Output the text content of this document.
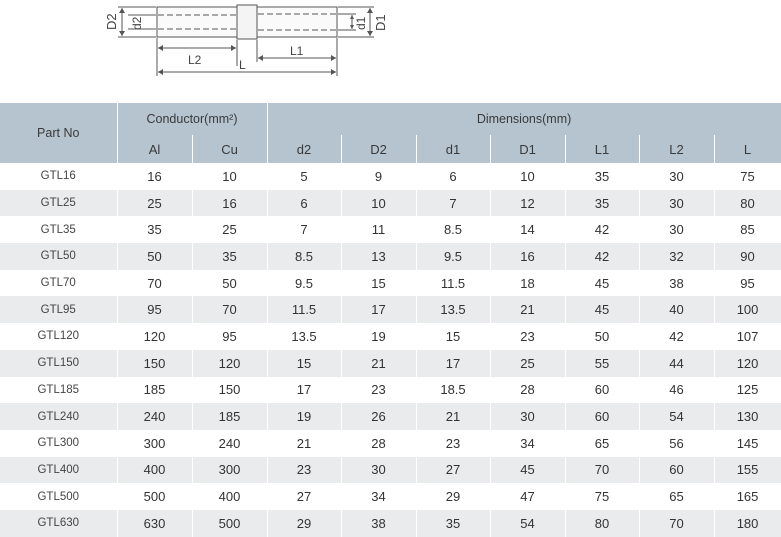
D2 d2	d1 D1
L2
L1
L
Part No	Conductor(mm²)		Dimensions(mm)						
	Al	Cu	d2	D2	d1	D1	L1	L2	L
GTL16	16	10	5	9	6	10	35	30	75
GTL25	25	16	6	10	7	12	35	30	80
GTL35	35	25	7	11	8.5	14	42	30	85
GTL50	50	35	8.5	13	9.5	16	42	32	90
GTL70	70	50	9.5	15	11.5	18	45	38	95
GTL95	95	70	11.5	17	13.5	21	45	40	100
GTL120	120	95	13.5	19	15	23	50	42	107
GTL150	150	120	15	21	17	25	55	44	120
GTL185	185	150	17	23	18.5	28	60	46	125
GTL240	240	185	19	26	21	30	60	54	130
GTL300	300	240	21	28	23	34	65	56	145
GTL400	400	300	23	30	27	45	70	60	155
GTL500	500	400	27	34	29	47	75	65	165
GTL630	630	500	29	38	35	54	80	70	180
